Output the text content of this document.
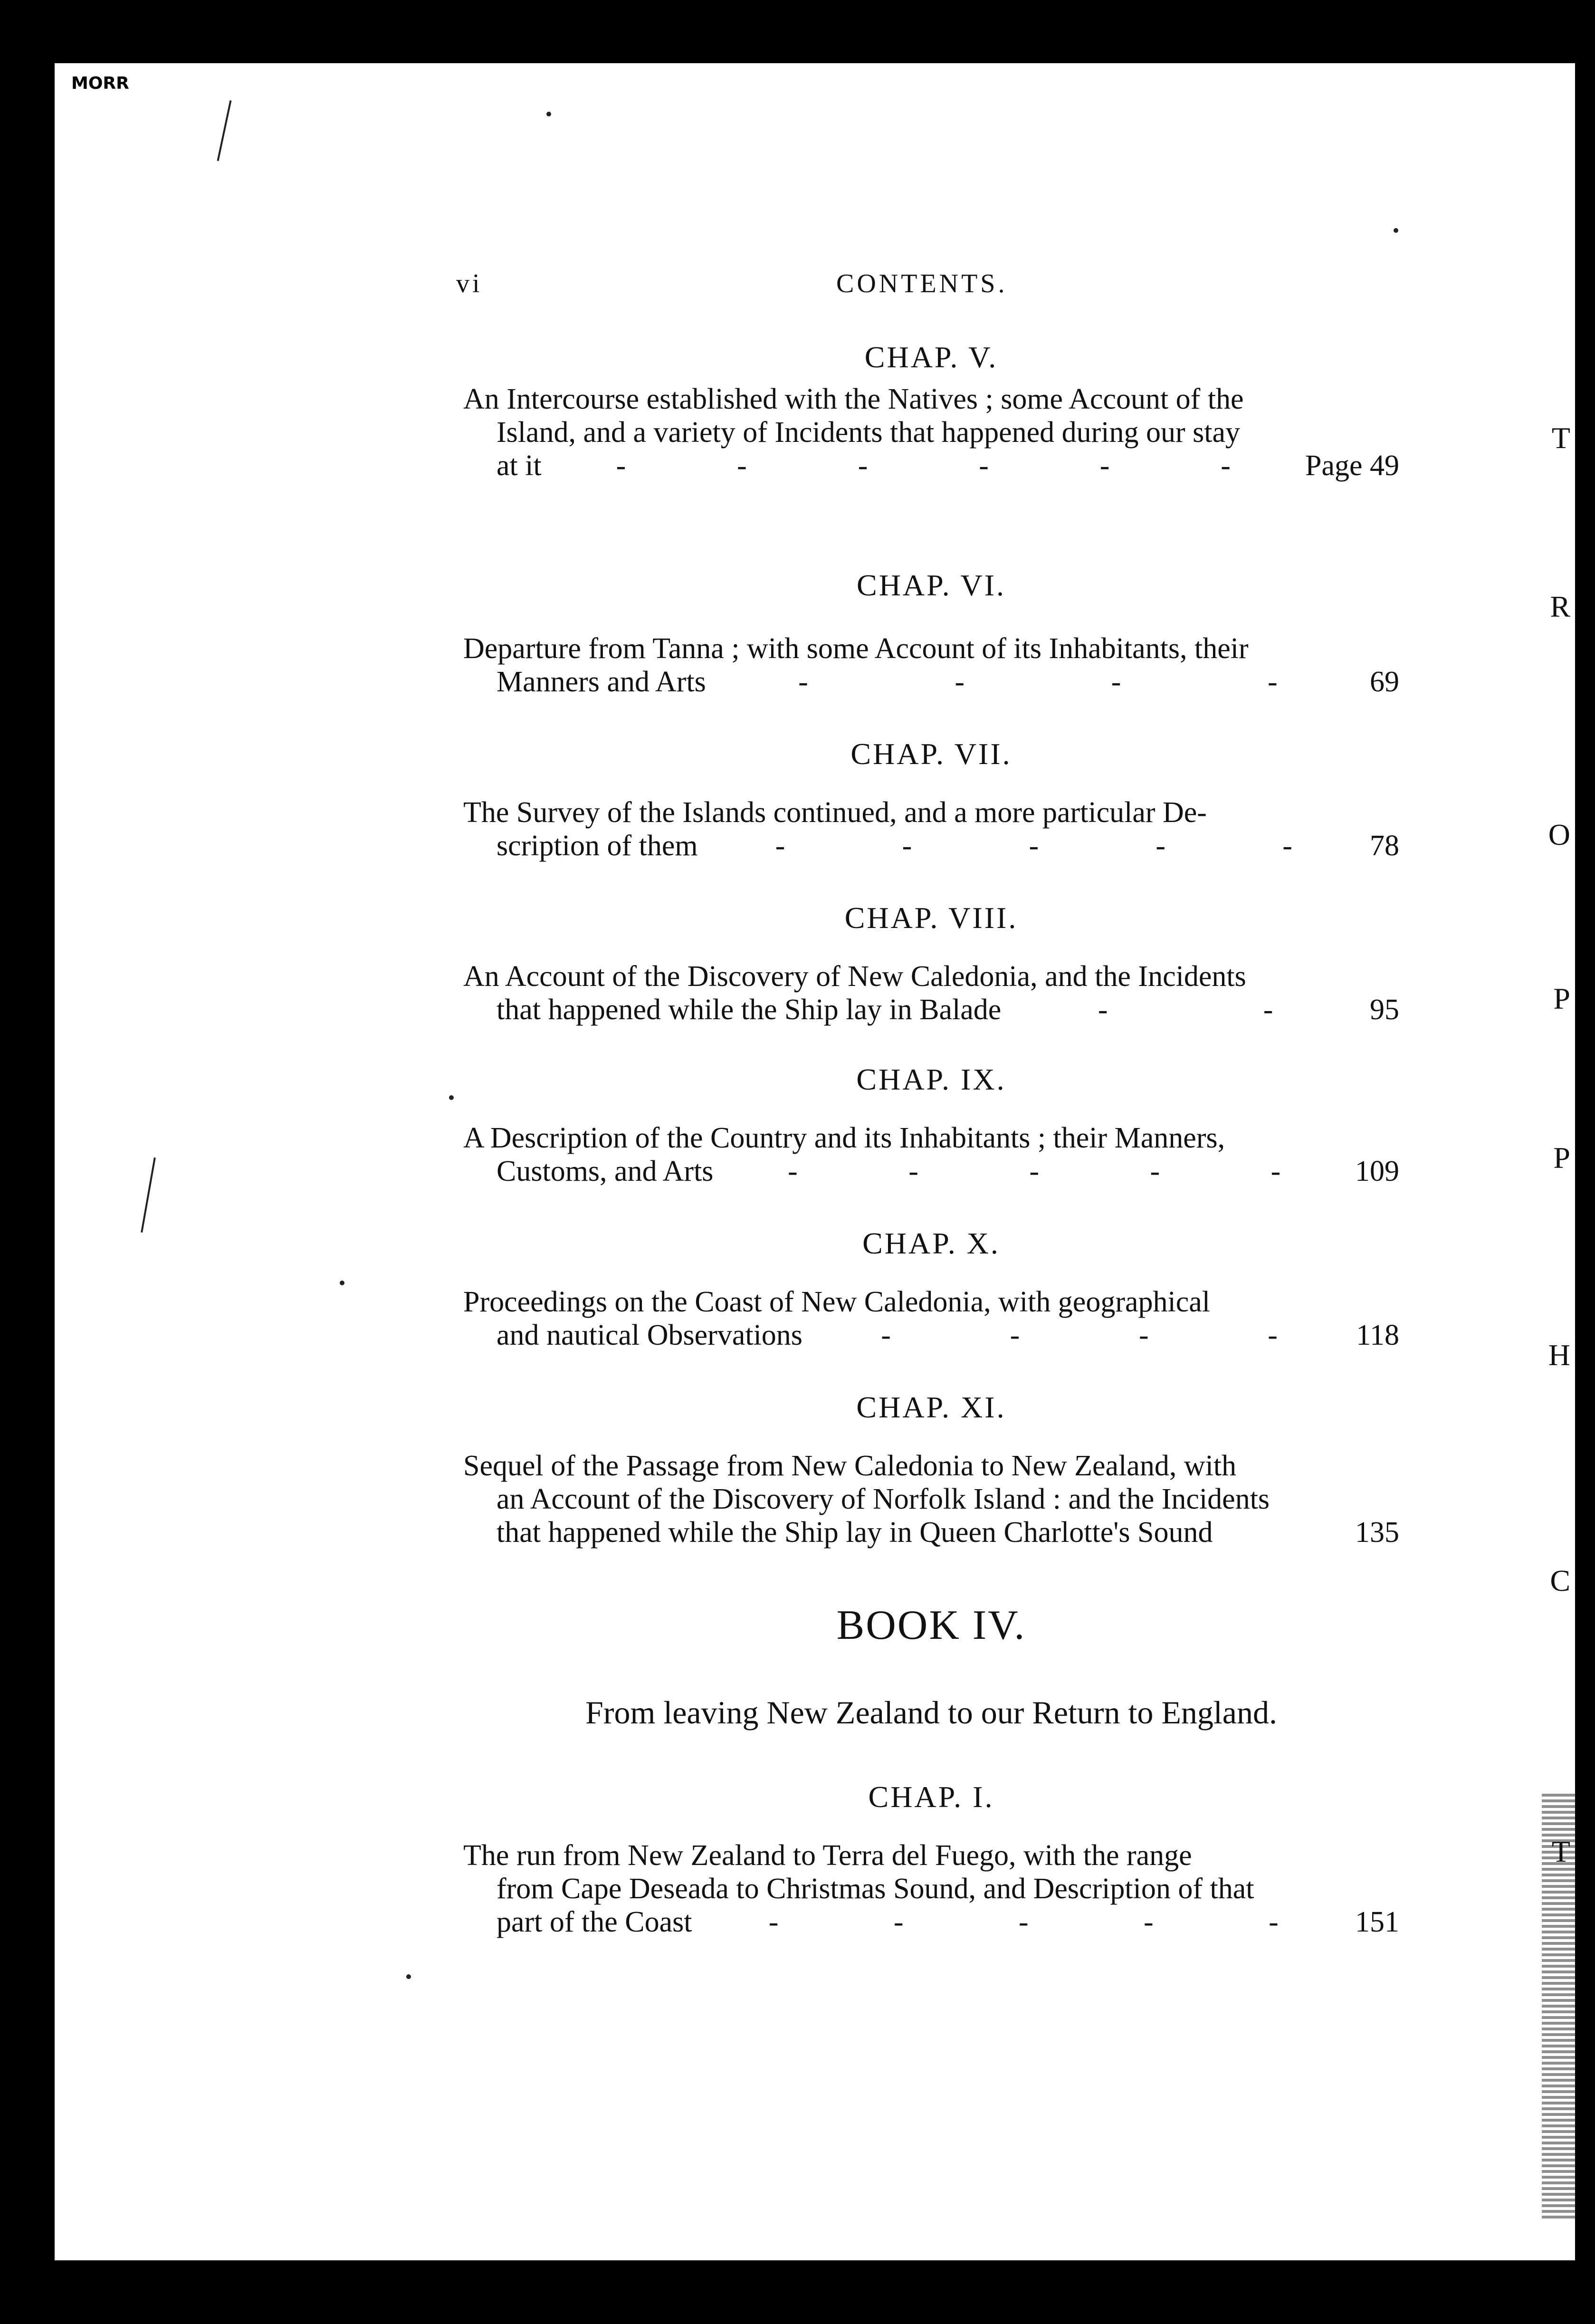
MORR
vi	CONTENTS.
CHAP. V.
An Intercourse established with the Natives ; some Account of the
Island, and a variety of Incidents that happened during our stay
at it	-	-	-	-	-	-	Page 49
CHAP. VI.
Departure from Tanna ; with some Account of its Inhabitants, their
Manners and Arts	-	-	-	-	69
CHAP. VII.
The Survey of the Islands continued, and a more particular De-
scription of them	-	-	-	-	-	78
CHAP. VIII.
An Account of the Discovery of New Caledonia, and the Incidents
that happened while the Ship lay in Balade	-	-	95
CHAP. IX.
A Description of the Country and its Inhabitants ; their Manners,
Customs, and Arts	-	-	-	-	-	109
CHAP. X.
Proceedings on the Coast of New Caledonia, with geographical
and nautical Observations	-	-	-	-	118
CHAP. XI.
Sequel of the Passage from New Caledonia to New Zealand, with
an Account of the Discovery of Norfolk Island : and the Incidents
that happened while the Ship lay in Queen Charlotte's Sound	135
BOOK IV.
From leaving New Zealand to our Return to England.
CHAP. I.
The run from New Zealand to Terra del Fuego, with the range
from Cape Deseada to Christmas Sound, and Description of that
part of the Coast	-	-	-	-	-	151
T
R
O
P
P
H
C
T
